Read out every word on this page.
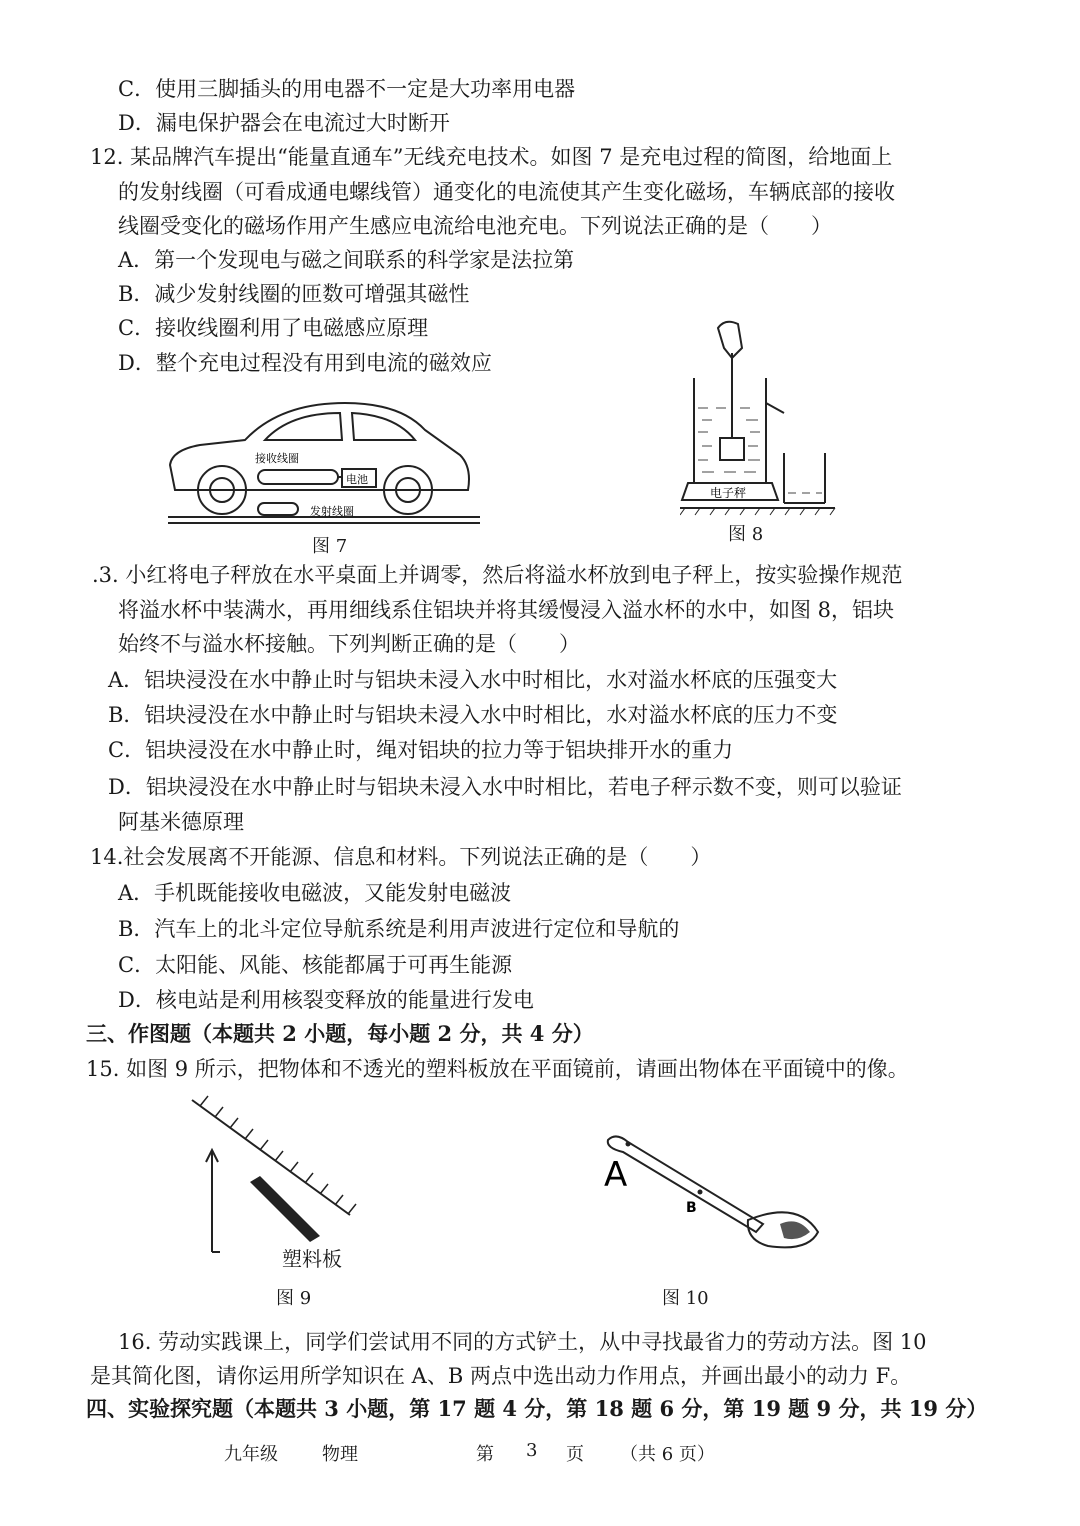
C．使用三脚插头的用电器不一定是大功率用电器
D．漏电保护器会在电流过大时断开
12. 某品牌汽车提出“能量直通车”无线充电技术。如图 7 是充电过程的简图，给地面上
的发射线圈（可看成通电螺线管）通变化的电流使其产生变化磁场，车辆底部的接收
线圈受变化的磁场作用产生感应电流给电池充电。下列说法正确的是（　　）
A．第一个发现电与磁之间联系的科学家是法拉第
B．减少发射线圈的匝数可增强其磁性
C．接收线圈利用了电磁感应原理
D．整个充电过程没有用到电流的磁效应
接收线圈
电池
发射线圈
图 7
电子秤
图 8
.3. 小红将电子秤放在水平桌面上并调零，然后将溢水杯放到电子秤上，按实验操作规范
将溢水杯中装满水，再用细线系住铝块并将其缓慢浸入溢水杯的水中，如图 8，铝块
始终不与溢水杯接触。下列判断正确的是（　　）
A．铝块浸没在水中静止时与铝块未浸入水中时相比，水对溢水杯底的压强变大
B．铝块浸没在水中静止时与铝块未浸入水中时相比，水对溢水杯底的压力不变
C．铝块浸没在水中静止时，绳对铝块的拉力等于铝块排开水的重力
D．铝块浸没在水中静止时与铝块未浸入水中时相比，若电子秤示数不变，则可以验证
阿基米德原理
14.社会发展离不开能源、信息和材料。下列说法正确的是（　　）
A．手机既能接收电磁波，又能发射电磁波
B．汽车上的北斗定位导航系统是利用声波进行定位和导航的
C．太阳能、风能、核能都属于可再生能源
D．核电站是利用核裂变释放的能量进行发电
三、作图题（本题共 2 小题，每小题 2 分，共 4 分）
15. 如图 9 所示，把物体和不透光的塑料板放在平面镜前，请画出物体在平面镜中的像。
塑料板
图 9
A
B
图 10
16. 劳动实践课上，同学们尝试用不同的方式铲土，从中寻找最省力的劳动方法。图 10
是其简化图，请你运用所学知识在 A、B 两点中选出动力作用点，并画出最小的动力 F。
四、实验探究题（本题共 3 小题，第 17 题 4 分，第 18 题 6 分，第 19 题 9 分，共 19 分）
九年级 物理	第 3 页 （共 6 页）
